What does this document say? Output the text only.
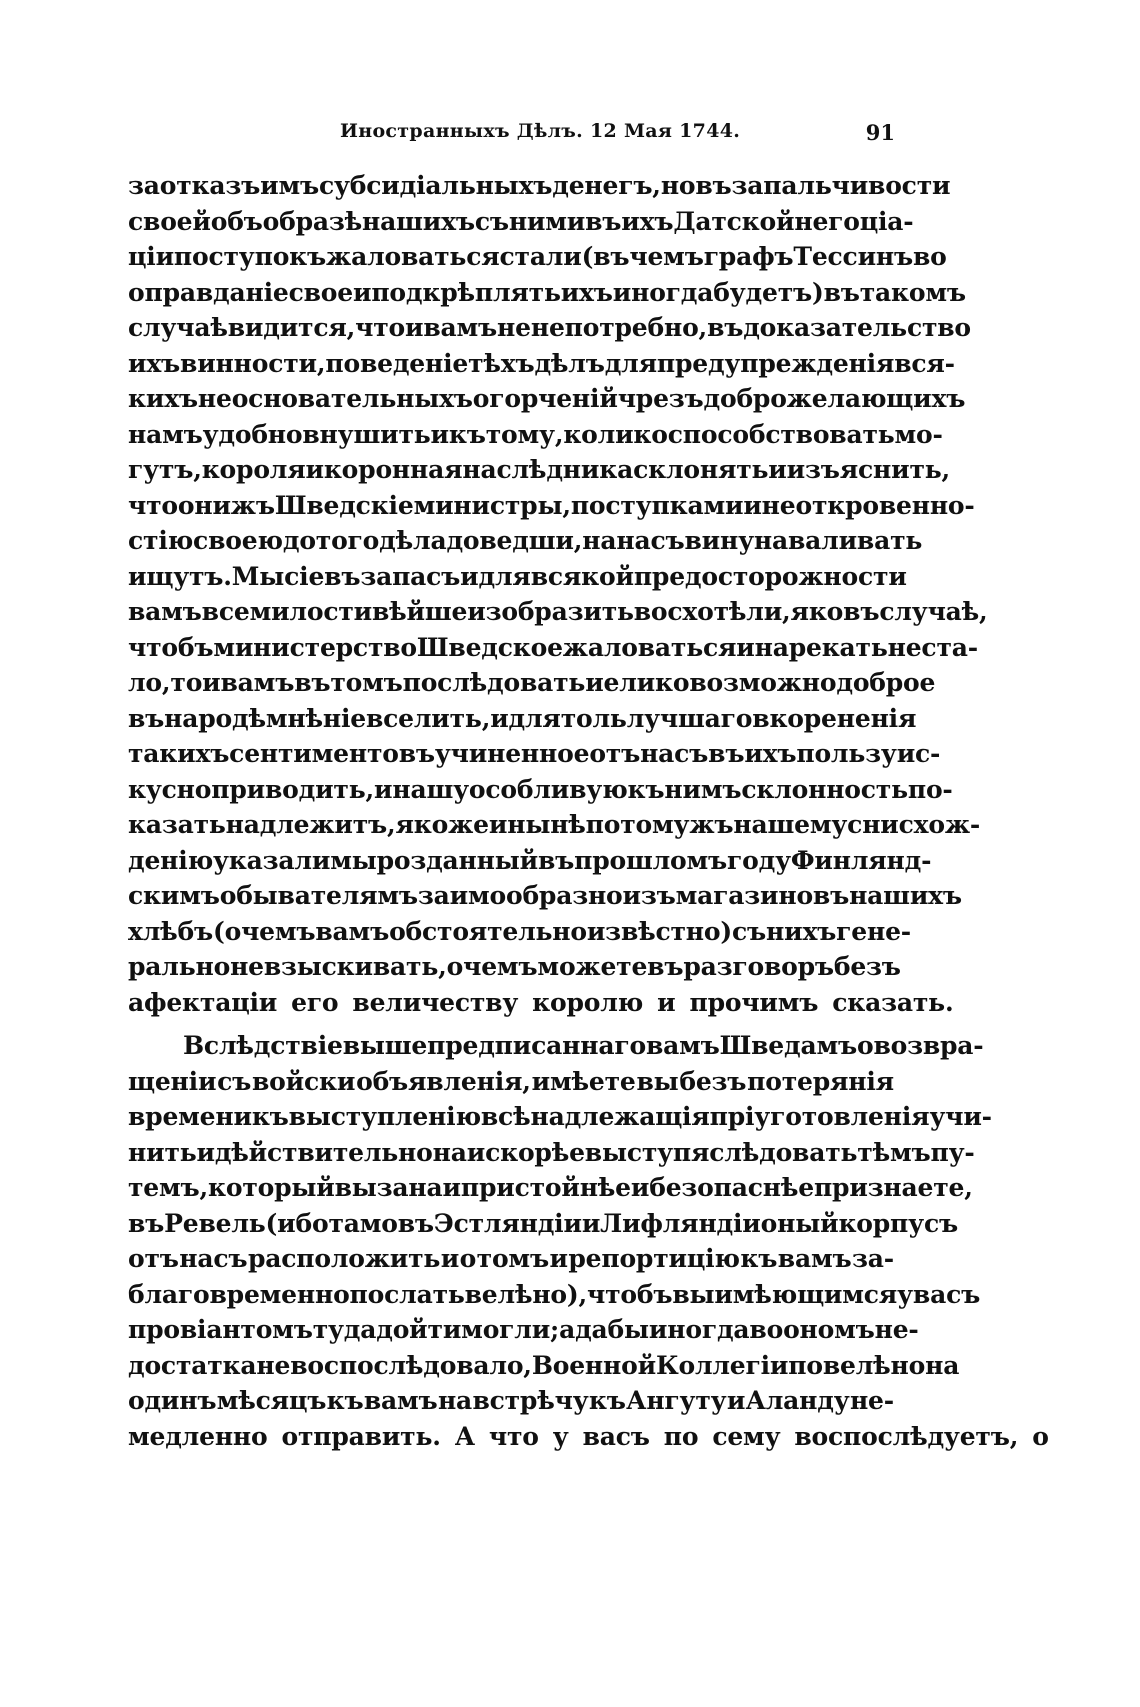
Иностранныхъ Дѣлъ. 12 Мая 1744.	91
за отказъ имъ субсидіальныхъ денегъ, но въ запальчивости
своей объ образѣ нашихъ съ ними въ ихъ Датской негоціа-
ціи поступокъ жаловаться стали (въ чемъ графъ Тессинъ во
оправданіе свое и подкрѣплять ихъ иногда будетъ) въ такомъ
случаѣ видится, что и вамъ не непотребно, въ доказательство
ихъ винности, поведеніе тѣхъ дѣлъ для предупрежденія вся-
кихъ неосновательныхъ огорченій чрезъ доброжелающихъ
намъ удобно внушить и къ тому, колико способствовать мо-
гутъ, короля и коронная наслѣдника склонять и изъяснить,
что они жъ Шведскіе министры, поступками и неоткровенно-
стію своею до того дѣла доведши, на насъ вину наваливать
ищутъ. Мы сіе въ запасъ и для всякой предосторожности
вамъ всемилостивѣйше изобразить восхотѣли, яко въ случаѣ,
чтобъ министерство Шведское жаловаться и нарекать не ста-
ло, то и вамъ въ томъ послѣдовать и елико возможно доброе
въ народѣ мнѣніе вселить, и для толь лучшаго вкорененія
такихъ сентиментовъ учиненное отъ насъ въ ихъ пользу ис-
кусно приводить, и нашу особливую къ нимъ склонность по-
казать надлежитъ, якоже и нынѣ по тому жъ нашему снисхож-
денію указали мы розданный въ прошломъ году Финлянд-
скимъ обывателямъ заимообразно изъ магазиновъ нашихъ
хлѣбъ (о чемъ вамъ обстоятельно извѣстно) съ нихъ гене-
рально не взыскивать, о чемъ можете въ разговоръ безъ
афектаціи его величеству королю и прочимъ сказать.
Вслѣдствіе выше предписаннаго вамъ Шведамъ о возвра-
щеніи съ войски объявленія, имѣете вы безъ потерянія
времени къ выступленію всѣ надлежащія пріуготовленія учи-
нить и дѣйствительно наискорѣе выступя слѣдовать тѣмъ пу-
темъ, который вы за наипристойнѣе и безопаснѣе признаете,
въ Ревель (ибо тамо въ Эстляндіи и Лифляндіи оный корпусъ
отъ насъ расположить и о томъ и репортицію къ вамъ за-
благовременно послать велѣно), чтобъ вы имѣющимся у васъ
провіантомъ туда дойти могли; а дабы иногда во ономъ не-
достатка не воспослѣдовало, Военной Коллегіи повелѣно на
одинъ мѣсяцъ къ вамъ на встрѣчу къ Ангуту и Аланду не-
медленно отправить. А что у васъ по сему воспослѣдуетъ, о
